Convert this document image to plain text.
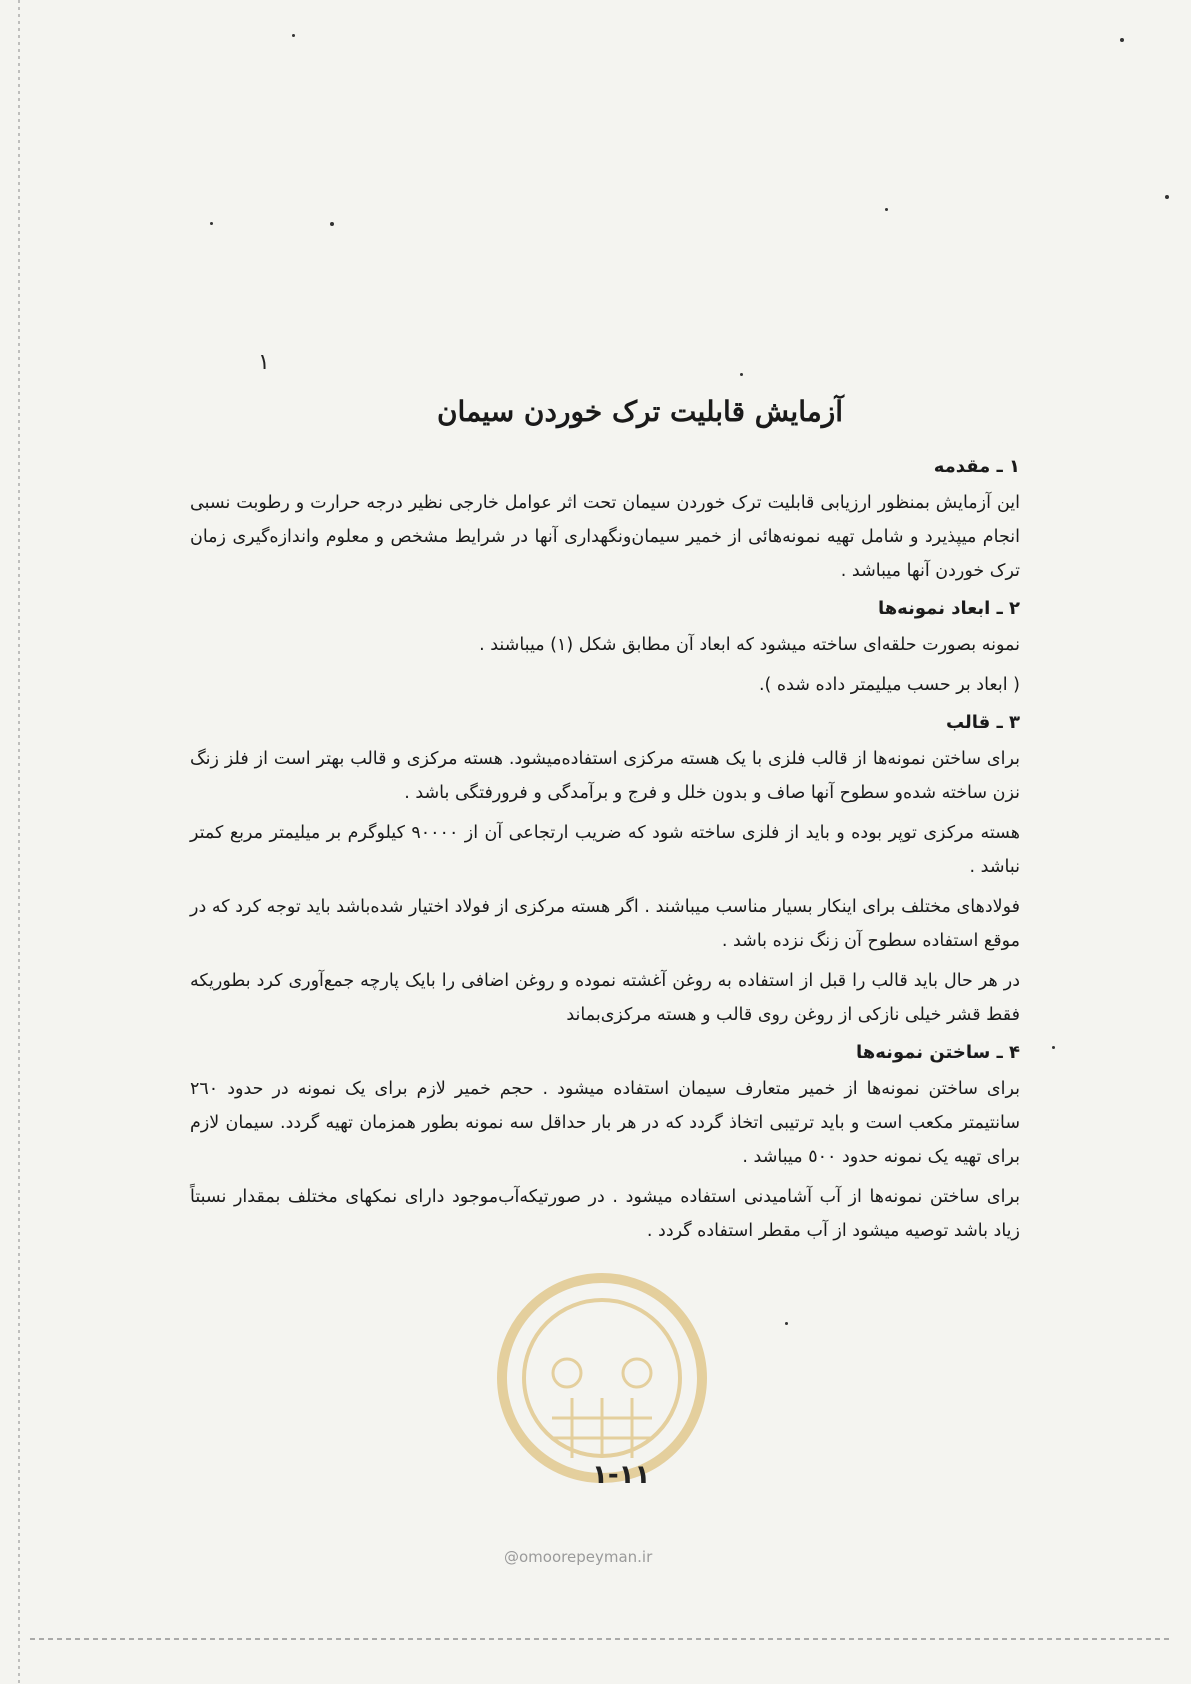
١
آزمایش قابلیت ترک خوردن سیمان
١ ـ مقدمه

این آزمایش بمنظور ارزیابی قابلیت ترک خوردن سیمان تحت اثر عوامل خارجی نظیر درجه حرارت و رطوبت نسبی انجام میپذیرد و شامل تهیه نمونه‌هائی از خمیر سیمان‌ونگهداری آنها در شرایط مشخص و معلوم واندازه‌گیری زمان ترک خوردن آنها میباشد .

٢ ـ ابعاد نمونه‌ها

نمونه بصورت حلقه‌ای ساخته میشود که ابعاد آن مطابق شکل (١) میباشند .

( ابعاد بر حسب میلیمتر داده شده ).

٣ ـ قالب

برای ساختن نمونه‌ها از قالب فلزی با یک هسته مرکزی استفاده‌میشود. هسته مرکزی و قالب بهتر است از فلز زنگ نزن ساخته شده‌و سطوح آنها صاف و بدون خلل و فرج و برآمدگی و فرورفتگی باشد .

هسته مرکزی توپر بوده و باید از فلزی ساخته شود که ضریب ارتجاعی آن از ٩٠٠٠٠ کیلوگرم بر میلیمتر مربع کمتر نباشد .

فولادهای مختلف برای اینکار بسیار مناسب میباشند . اگر هسته مرکزی از فولاد اختیار شده‌باشد باید توجه کرد که در موقع استفاده سطوح آن زنگ نزده باشد .

در هر حال باید قالب را قبل از استفاده به روغن آغشته نموده و روغن اضافی را بایک پارچه جمع‌آوری کرد بطوریکه فقط قشر خیلی نازکی از روغن روی قالب و هسته مرکزی‌بماند

۴ ـ ساختن نمونه‌ها

برای ساختن نمونه‌ها از خمیر متعارف سیمان استفاده میشود . حجم خمیر لازم برای یک نمونه در حدود ٢٦٠ سانتیمتر مکعب است و باید ترتیبی اتخاذ گردد که در هر بار حداقل سه نمونه بطور همزمان تهیه گردد. سیمان لازم برای تهیه یک نمونه حدود ٥٠٠ میباشد .

برای ساختن نمونه‌ها از آب آشامیدنی استفاده میشود . در صورتیکه‌آب‌موجود دارای نمکهای مختلف بمقدار نسبتاً زیاد باشد توصیه میشود از آب مقطر استفاده گردد .

١١-١
@omoorepeyman.ir
